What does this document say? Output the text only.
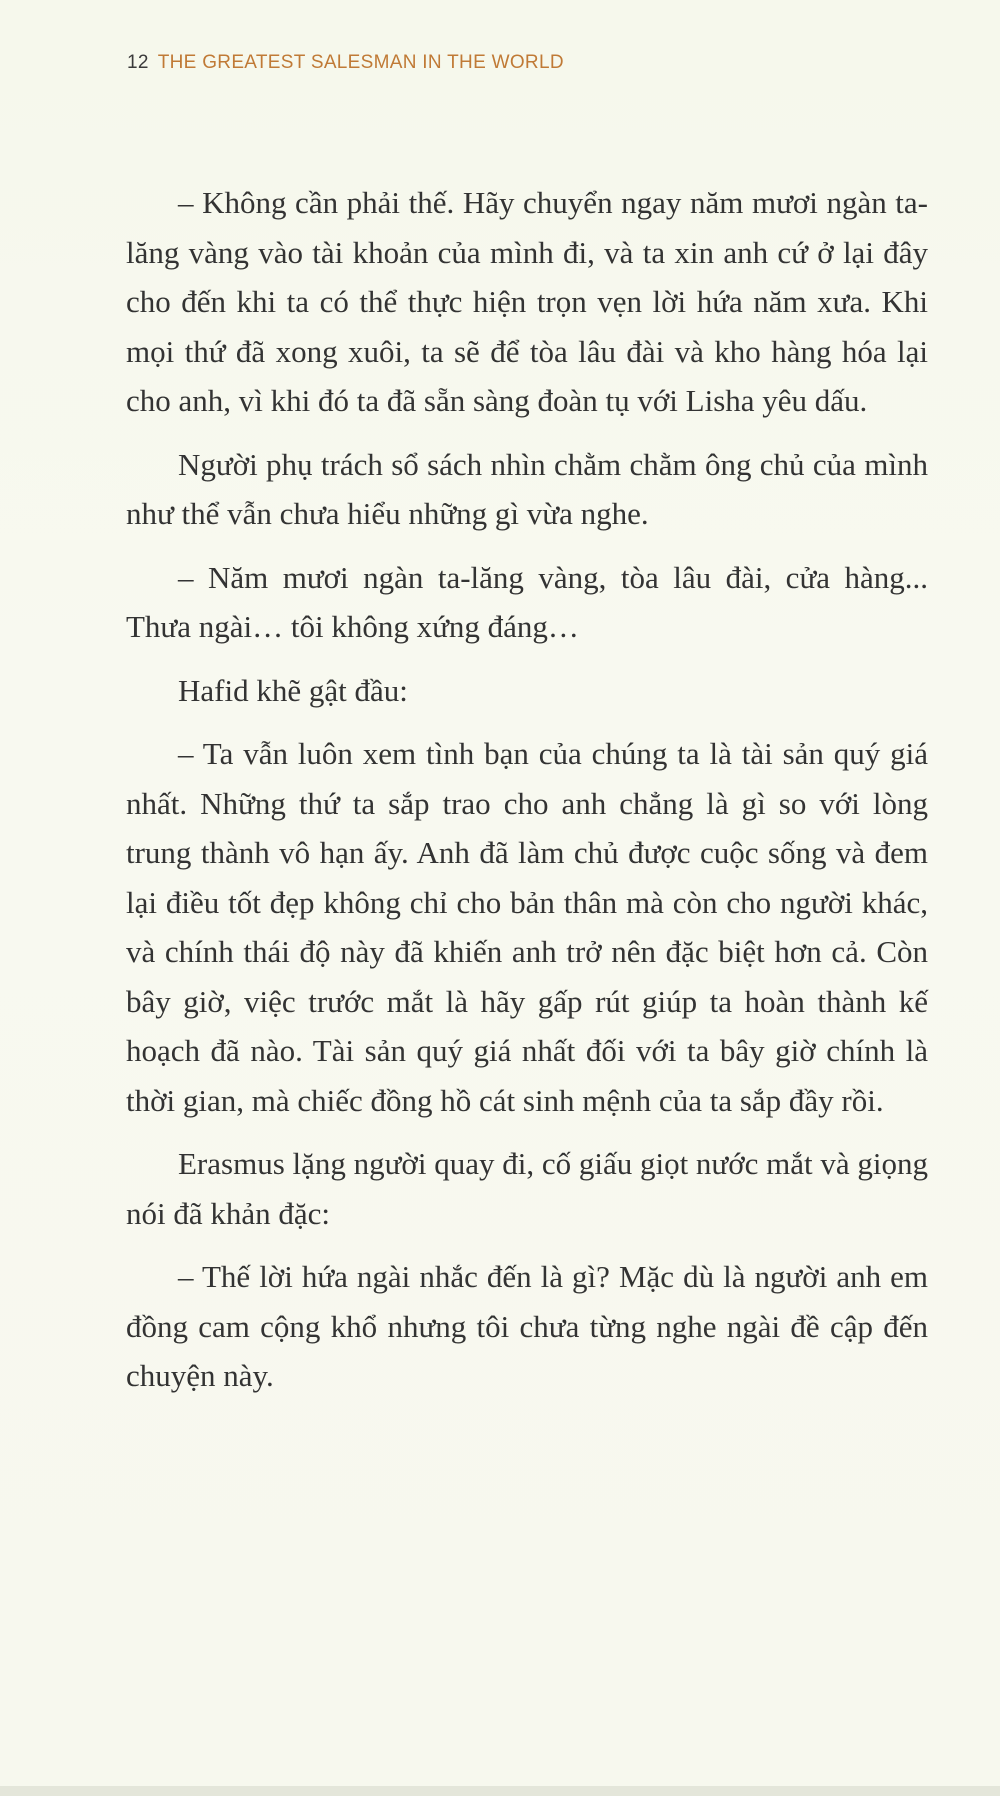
12 THE GREATEST SALESMAN IN THE WORLD

– Không cần phải thế. Hãy chuyển ngay năm mươi ngàn ta-lăng vàng vào tài khoản của mình đi, và ta xin anh cứ ở lại đây cho đến khi ta có thể thực hiện trọn vẹn lời hứa năm xưa. Khi mọi thứ đã xong xuôi, ta sẽ để tòa lâu đài và kho hàng hóa lại cho anh, vì khi đó ta đã sẵn sàng đoàn tụ với Lisha yêu dấu.

Người phụ trách sổ sách nhìn chằm chằm ông chủ của mình như thể vẫn chưa hiểu những gì vừa nghe.

– Năm mươi ngàn ta-lăng vàng, tòa lâu đài, cửa hàng... Thưa ngài… tôi không xứng đáng…

Hafid khẽ gật đầu:

– Ta vẫn luôn xem tình bạn của chúng ta là tài sản quý giá nhất. Những thứ ta sắp trao cho anh chẳng là gì so với lòng trung thành vô hạn ấy. Anh đã làm chủ được cuộc sống và đem lại điều tốt đẹp không chỉ cho bản thân mà còn cho người khác, và chính thái độ này đã khiến anh trở nên đặc biệt hơn cả. Còn bây giờ, việc trước mắt là hãy gấp rút giúp ta hoàn thành kế hoạch đã nào. Tài sản quý giá nhất đối với ta bây giờ chính là thời gian, mà chiếc đồng hồ cát sinh mệnh của ta sắp đầy rồi.

Erasmus lặng người quay đi, cố giấu giọt nước mắt và giọng nói đã khản đặc:

– Thế lời hứa ngài nhắc đến là gì? Mặc dù là người anh em đồng cam cộng khổ nhưng tôi chưa từng nghe ngài đề cập đến chuyện này.
